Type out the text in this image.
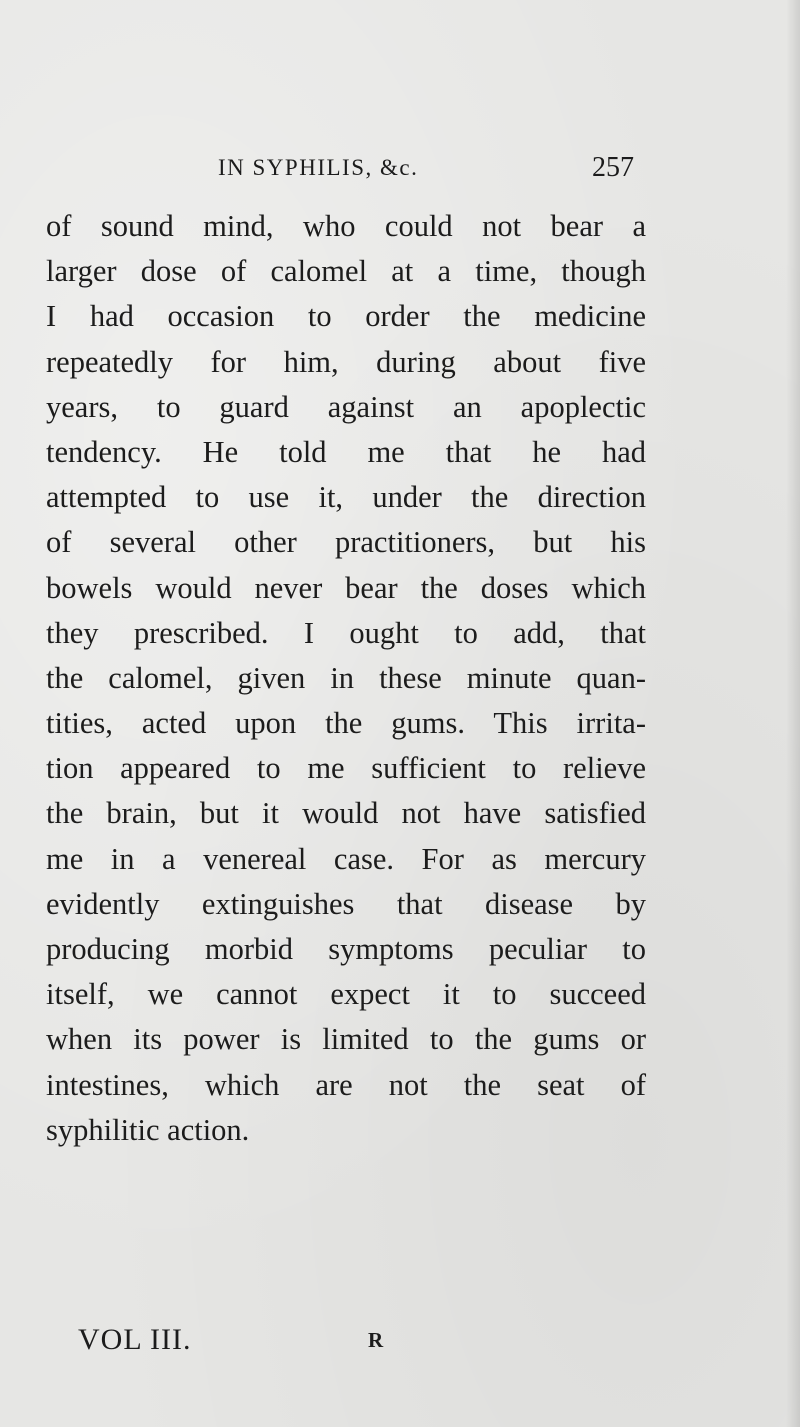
IN SYPHILIS, &c.	257
of sound mind, who could not bear a
larger dose of calomel at a time, though
I had occasion to order the medicine
repeatedly for him, during about five
years, to guard against an apoplectic
tendency. He told me that he had
attempted to use it, under the direction
of several other practitioners, but his
bowels would never bear the doses which
they prescribed. I ought to add, that
the calomel, given in these minute quan-
tities, acted upon the gums. This irrita-
tion appeared to me sufficient to relieve
the brain, but it would not have satisfied
me in a venereal case. For as mercury
evidently extinguishes that disease by
producing morbid symptoms peculiar to
itself, we cannot expect it to succeed
when its power is limited to the gums or
intestines, which are not the seat of
syphilitic action.
VOL III.	R
